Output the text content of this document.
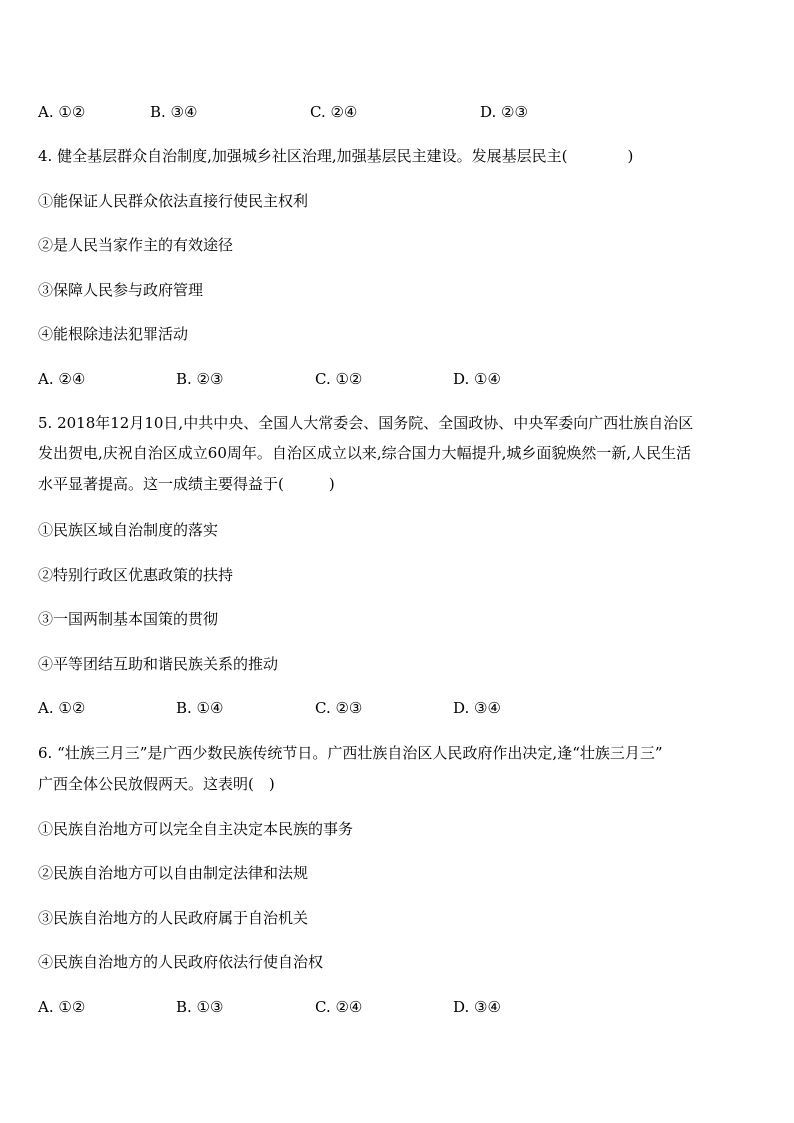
A. ①②	B. ③④	C. ②④	D. ②③
4. 健全基层群众自治制度,加强城乡社区治理,加强基层民主建设。发展基层民主(　　　　)
①能保证人民群众依法直接行使民主权利
②是人民当家作主的有效途径
③保障人民参与政府管理
④能根除违法犯罪活动
A. ②④	B. ②③	C. ①②	D. ①④
5. 2018年12月10日,中共中央、全国人大常委会、国务院、全国政协、中央军委向广西壮族自治区
发出贺电,庆祝自治区成立60周年。自治区成立以来,综合国力大幅提升,城乡面貌焕然一新,人民生活
水平显著提高。这一成绩主要得益于(　　　)
①民族区域自治制度的落实
②特别行政区优惠政策的扶持
③一国两制基本国策的贯彻
④平等团结互助和谐民族关系的推动
A. ①②	B. ①④	C. ②③	D. ③④
6. “壮族三月三”是广西少数民族传统节日。广西壮族自治区人民政府作出决定,逢“壮族三月三”
广西全体公民放假两天。这表明(　)
①民族自治地方可以完全自主决定本民族的事务
②民族自治地方可以自由制定法律和法规
③民族自治地方的人民政府属于自治机关
④民族自治地方的人民政府依法行使自治权
A. ①②	B. ①③	C. ②④	D. ③④
